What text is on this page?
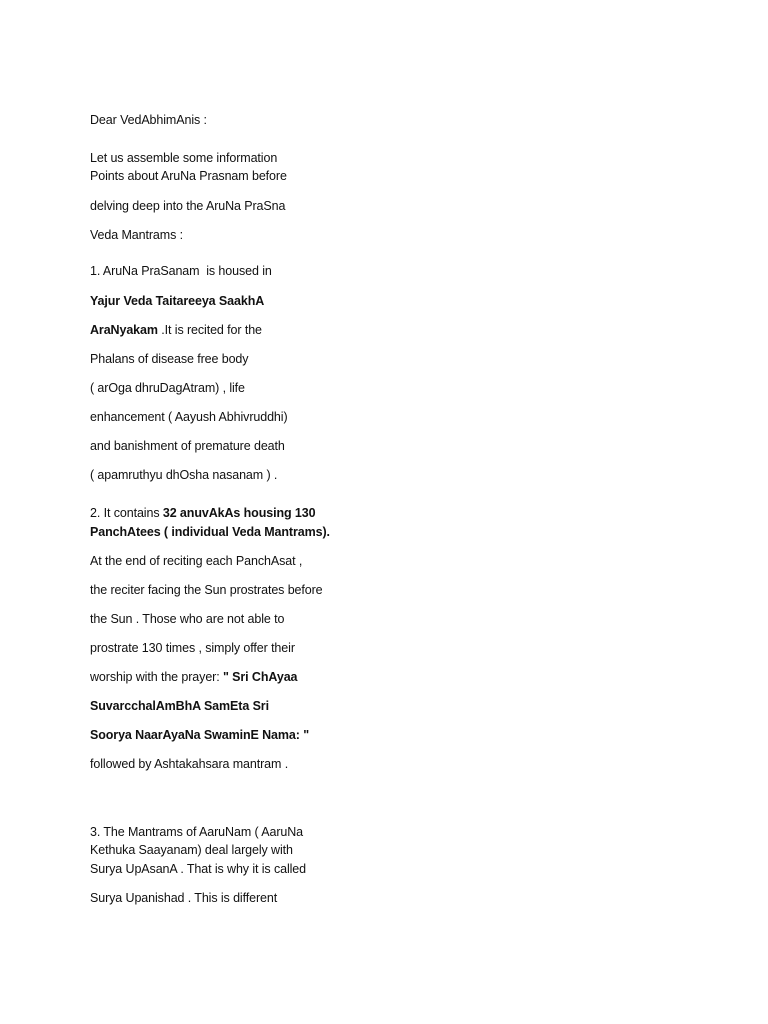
Dear VedAbhimAnis :
Let us assemble some information
Points about AruNa Prasnam before
delving deep into the AruNa PraSna
Veda Mantrams :
1. AruNa PraSanam  is housed in
Yajur Veda Taitareeya SaakhA
AraNyakam .It is recited for the
Phalans of disease free body
( arOga dhruDagAtram) , life
enhancement ( Aayush Abhivruddhi)
and banishment of premature death
( apamruthyu dhOsha nasanam ) .
2. It contains 32 anuvAkAs housing 130
PanchAtees ( individual Veda Mantrams).
At the end of reciting each PanchAsat ,
the reciter facing the Sun prostrates before
the Sun . Those who are not able to
prostrate 130 times , simply offer their
worship with the prayer: " Sri ChAyaa
SuvarcchalAmBhA SamEta Sri
Soorya NaarAyaNa SwaminE Nama: "
followed by Ashtakahsara mantram .
3. The Mantrams of AaruNam ( AaruNa
Kethuka Saayanam) deal largely with
Surya UpAsanA . That is why it is called
Surya Upanishad . This is different
